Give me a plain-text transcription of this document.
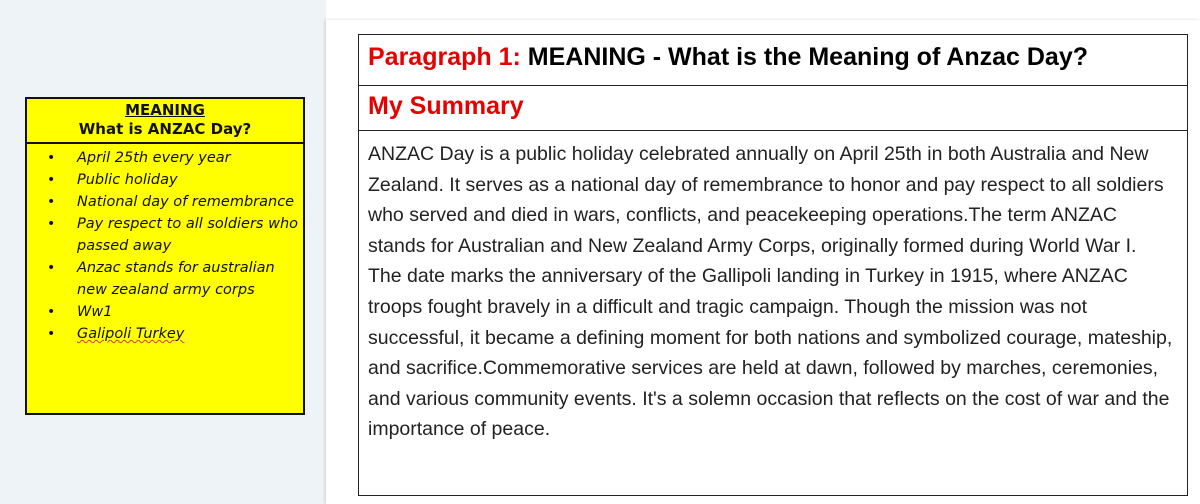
MEANING
What is ANZAC Day?
• April 25th every year
• Public holiday
• National day of remembrance
• Pay respect to all soldiers who passed away
• Anzac stands for australian new zealand army corps
• Ww1
• Galipoli Turkey
Paragraph 1: MEANING - What is the Meaning of Anzac Day?
My Summary
ANZAC Day is a public holiday celebrated annually on April 25th in both Australia and New Zealand. It serves as a national day of remembrance to honor and pay respect to all soldiers who served and died in wars, conflicts, and peacekeeping operations.The term ANZAC stands for Australian and New Zealand Army Corps, originally formed during World War I. The date marks the anniversary of the Gallipoli landing in Turkey in 1915, where ANZAC troops fought bravely in a difficult and tragic campaign. Though the mission was not successful, it became a defining moment for both nations and symbolized courage, mateship, and sacrifice.Commemorative services are held at dawn, followed by marches, ceremonies, and various community events. It's a solemn occasion that reflects on the cost of war and the importance of peace.
